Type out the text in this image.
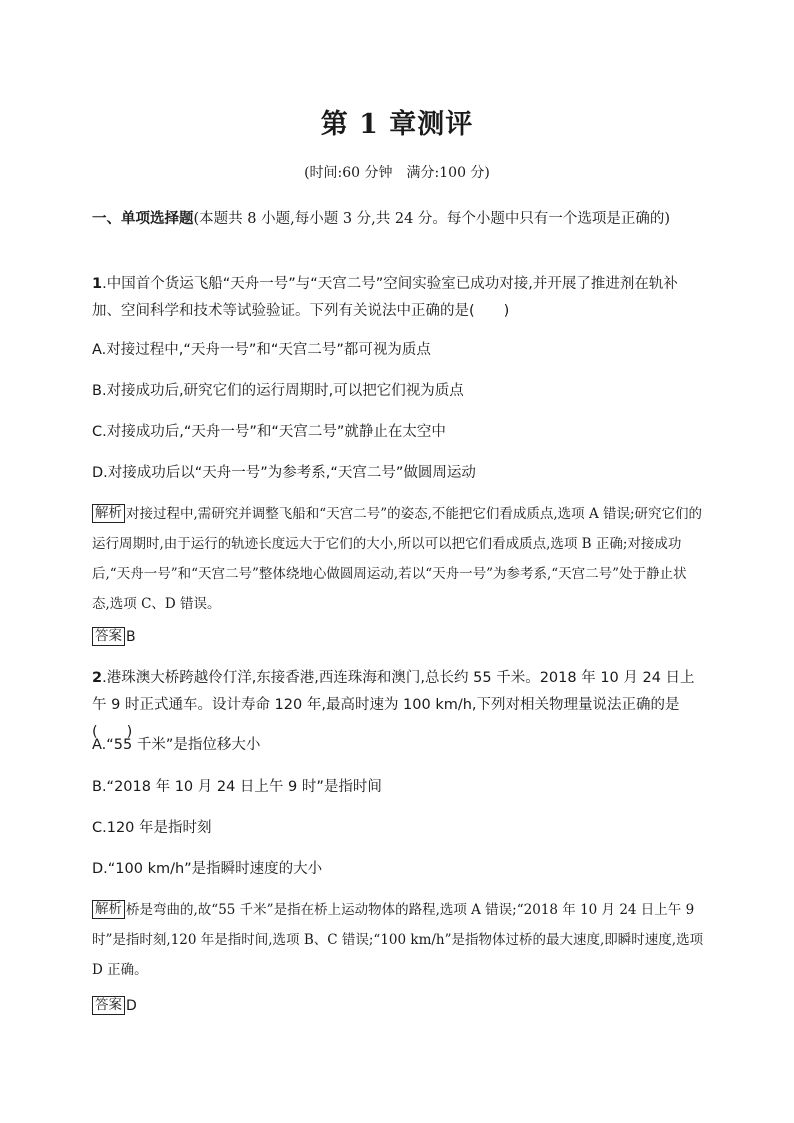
第 1 章测评
(时间:60 分钟　满分:100 分)
一、单项选择题(本题共 8 小题,每小题 3 分,共 24 分。每个小题中只有一个选项是正确的)
1.中国首个货运飞船“天舟一号”与“天宫二号”空间实验室已成功对接,并开展了推进剂在轨补加、空间科学和技术等试验验证。下列有关说法中正确的是(　　)
A.对接过程中,“天舟一号”和“天宫二号”都可视为质点
B.对接成功后,研究它们的运行周期时,可以把它们视为质点
C.对接成功后,“天舟一号”和“天宫二号”就静止在太空中
D.对接成功后以“天舟一号”为参考系,“天宫二号”做圆周运动
解析 对接过程中,需研究并调整飞船和“天宫二号”的姿态,不能把它们看成质点,选项 A 错误;研究它们的运行周期时,由于运行的轨迹长度远大于它们的大小,所以可以把它们看成质点,选项 B 正确;对接成功后,“天舟一号”和“天宫二号”整体绕地心做圆周运动,若以“天舟一号”为参考系,“天宫二号”处于静止状态,选项 C、D 错误。
答案 B
2.港珠澳大桥跨越伶仃洋,东接香港,西连珠海和澳门,总长约 55 千米。2018 年 10 月 24 日上午 9 时正式通车。设计寿命 120 年,最高时速为 100 km/h,下列对相关物理量说法正确的是(　　)
A.“55 千米”是指位移大小
B.“2018 年 10 月 24 日上午 9 时”是指时间
C.120 年是指时刻
D.“100 km/h”是指瞬时速度的大小
解析 桥是弯曲的,故“55 千米”是指在桥上运动物体的路程,选项 A 错误;“2018 年 10 月 24 日上午 9 时”是指时刻,120 年是指时间,选项 B、C 错误;“100 km/h”是指物体过桥的最大速度,即瞬时速度,选项 D 正确。
答案 D
